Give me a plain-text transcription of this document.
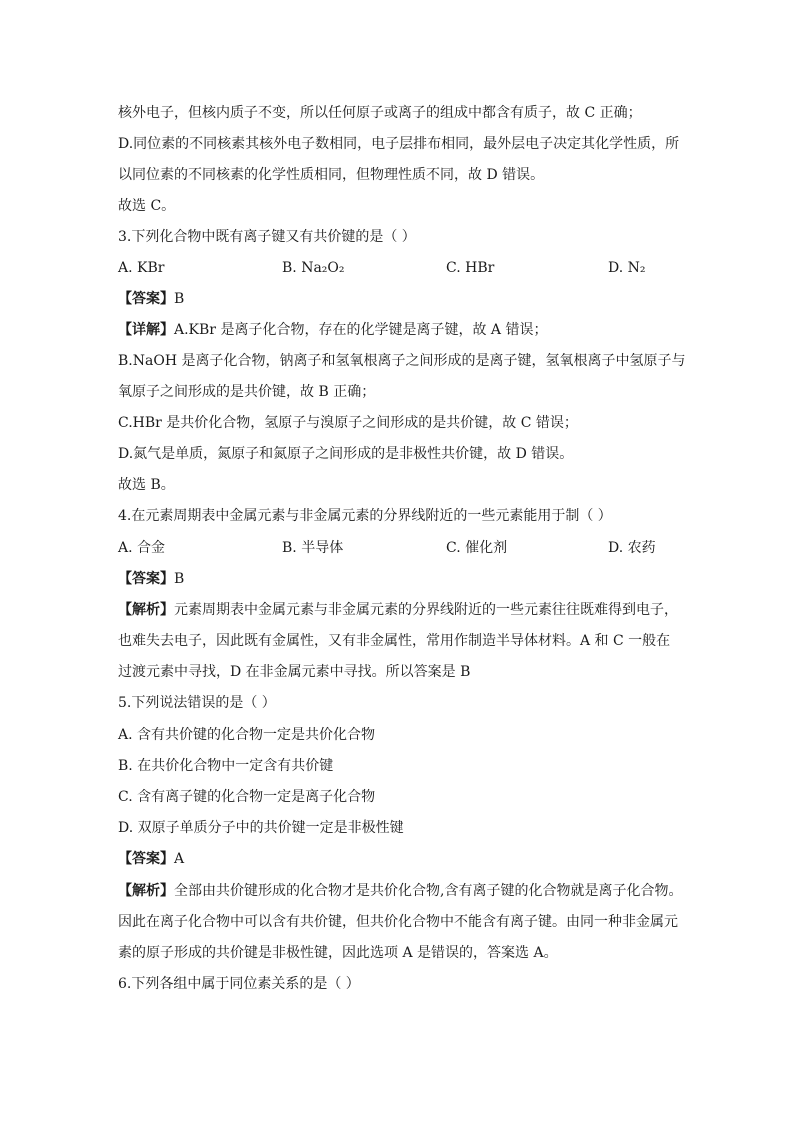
核外电子，但核内质子不变，所以任何原子或离子的组成中都含有质子，故 C 正确；
D.同位素的不同核素其核外电子数相同，电子层排布相同，最外层电子决定其化学性质，所
以同位素的不同核素的化学性质相同，但物理性质不同，故 D 错误。
故选 C。
3.下列化合物中既有离子键又有共价键的是（ ）
A. KBr	B. Na₂O₂	C. HBr	D. N₂
【答案】B
【详解】A.KBr 是离子化合物，存在的化学键是离子键，故 A 错误；
B.NaOH 是离子化合物，钠离子和氢氧根离子之间形成的是离子键，氢氧根离子中氢原子与
氧原子之间形成的是共价键，故 B 正确；
C.HBr 是共价化合物，氢原子与溴原子之间形成的是共价键，故 C 错误；
D.氮气是单质，氮原子和氮原子之间形成的是非极性共价键，故 D 错误。
故选 B。
4.在元素周期表中金属元素与非金属元素的分界线附近的一些元素能用于制（ ）
A. 合金	B. 半导体	C. 催化剂	D. 农药
【答案】B
【解析】元素周期表中金属元素与非金属元素的分界线附近的一些元素往往既难得到电子，
也难失去电子，因此既有金属性，又有非金属性，常用作制造半导体材料。A 和 C 一般在
过渡元素中寻找，D 在非金属元素中寻找。所以答案是 B
5.下列说法错误的是（ ）
A. 含有共价键的化合物一定是共价化合物
B. 在共价化合物中一定含有共价键
C. 含有离子键的化合物一定是离子化合物
D. 双原子单质分子中的共价键一定是非极性键
【答案】A
【解析】全部由共价键形成的化合物才是共价化合物,含有离子键的化合物就是离子化合物。
因此在离子化合物中可以含有共价键，但共价化合物中不能含有离子键。由同一种非金属元
素的原子形成的共价键是非极性键，因此选项 A 是错误的，答案选 A。
6.下列各组中属于同位素关系的是（ ）
